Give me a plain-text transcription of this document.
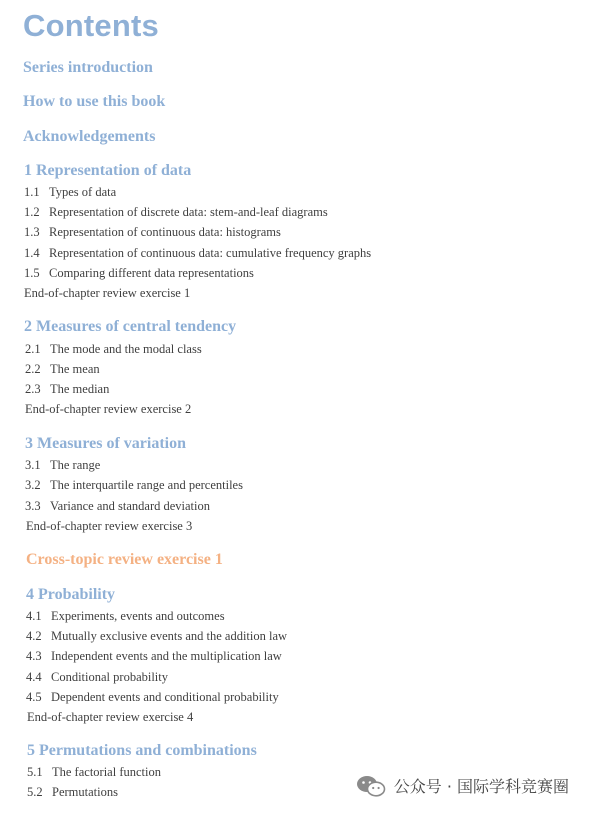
Contents
Series introduction
How to use this book
Acknowledgements
1 Representation of data
1.1 Types of data
1.2 Representation of discrete data: stem-and-leaf diagrams
1.3 Representation of continuous data: histograms
1.4 Representation of continuous data: cumulative frequency graphs
1.5 Comparing different data representations
End-of-chapter review exercise 1
2 Measures of central tendency
2.1 The mode and the modal class
2.2 The mean
2.3 The median
End-of-chapter review exercise 2
3 Measures of variation
3.1 The range
3.2 The interquartile range and percentiles
3.3 Variance and standard deviation
End-of-chapter review exercise 3
Cross-topic review exercise 1
4 Probability
4.1 Experiments, events and outcomes
4.2 Mutually exclusive events and the addition law
4.3 Independent events and the multiplication law
4.4 Conditional probability
4.5 Dependent events and conditional probability
End-of-chapter review exercise 4
5 Permutations and combinations
5.1 The factorial function
5.2 Permutations	公众号 · 国际学科竞赛圈
